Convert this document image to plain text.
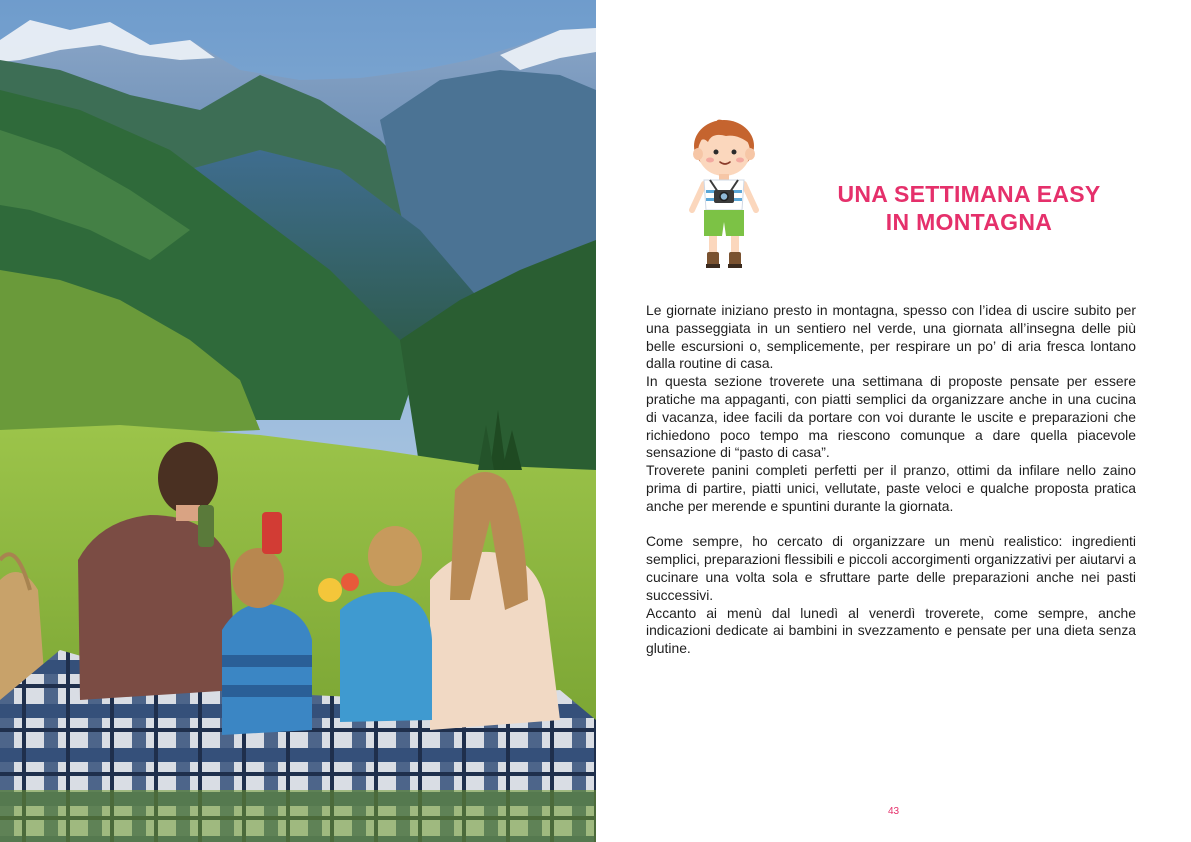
UNA SETTIMANA EASY
IN MONTAGNA

Le giornate iniziano presto in montagna, spesso con l’idea di uscire subito per una passeggiata in un sentiero nel verde, una giornata all’insegna delle più belle escursioni o, semplicemente, per respirare un po’ di aria fresca lontano dalla routine di casa.

In questa sezione troverete una settimana di proposte pensate per essere pratiche ma appaganti, con piatti semplici da organizzare anche in una cucina di vacanza, idee facili da portare con voi durante le uscite e preparazioni che richiedono poco tempo ma riescono comunque a dare quella piacevole sensazione di “pasto di casa”.

Troverete panini completi perfetti per il pranzo, ottimi da infilare nello zaino prima di partire, piatti unici, vellutate, paste veloci e qualche proposta pratica anche per merende e spuntini durante la giornata.

Come sempre, ho cercato di organizzare un menù realistico: ingredienti semplici, preparazioni flessibili e piccoli accorgimenti organizzativi per aiutarvi a cucinare una volta sola e sfruttare parte delle preparazioni anche nei pasti successivi.

Accanto ai menù dal lunedì al venerdì troverete, come sempre, anche indicazioni dedicate ai bambini in svezzamento e pensate per una dieta senza glutine.

43
